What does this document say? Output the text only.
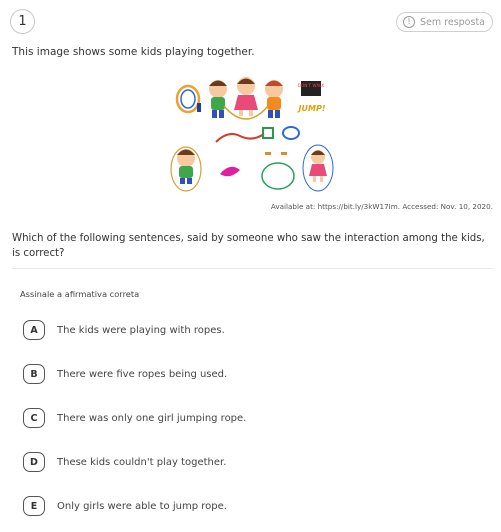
1	! Sem resposta
This image shows some kids playing together.
DON'T WALK
JUMP!
Available at: https://bit.ly/3kW17Im. Accessed: Nov. 10, 2020.
Which of the following sentences, said by someone who saw the interaction among the kids, is correct?
Assinale a afirmativa correta
A	The kids were playing with ropes.
B	There were five ropes being used.
C	There was only one girl jumping rope.
D	These kids couldn't play together.
E	Only girls were able to jump rope.
